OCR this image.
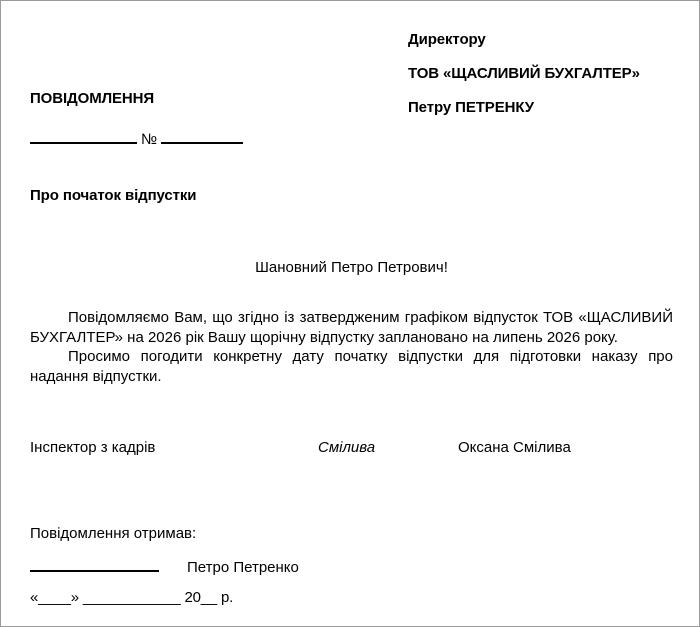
Директору
ТОВ «ЩАСЛИВИЙ БУХГАЛТЕР»
Петру ПЕТРЕНКУ
ПОВІДОМЛЕННЯ
№
Про початок відпустки
Шановний Петро Петрович!

Повідомляємо Вам, що згідно із затвердженим графіком відпусток ТОВ «ЩАСЛИВИЙ БУХГАЛТЕР» на 2026 рік Вашу щорічну відпустку заплановано на липень 2026 року.

Просимо погодити конкретну дату початку відпустки для підготовки наказу про надання відпустки.

Інспектор з кадрів	Смілива	Оксана Смілива
Повідомлення отримав:
Петро Петренко
«____» ____________ 20__ р.
